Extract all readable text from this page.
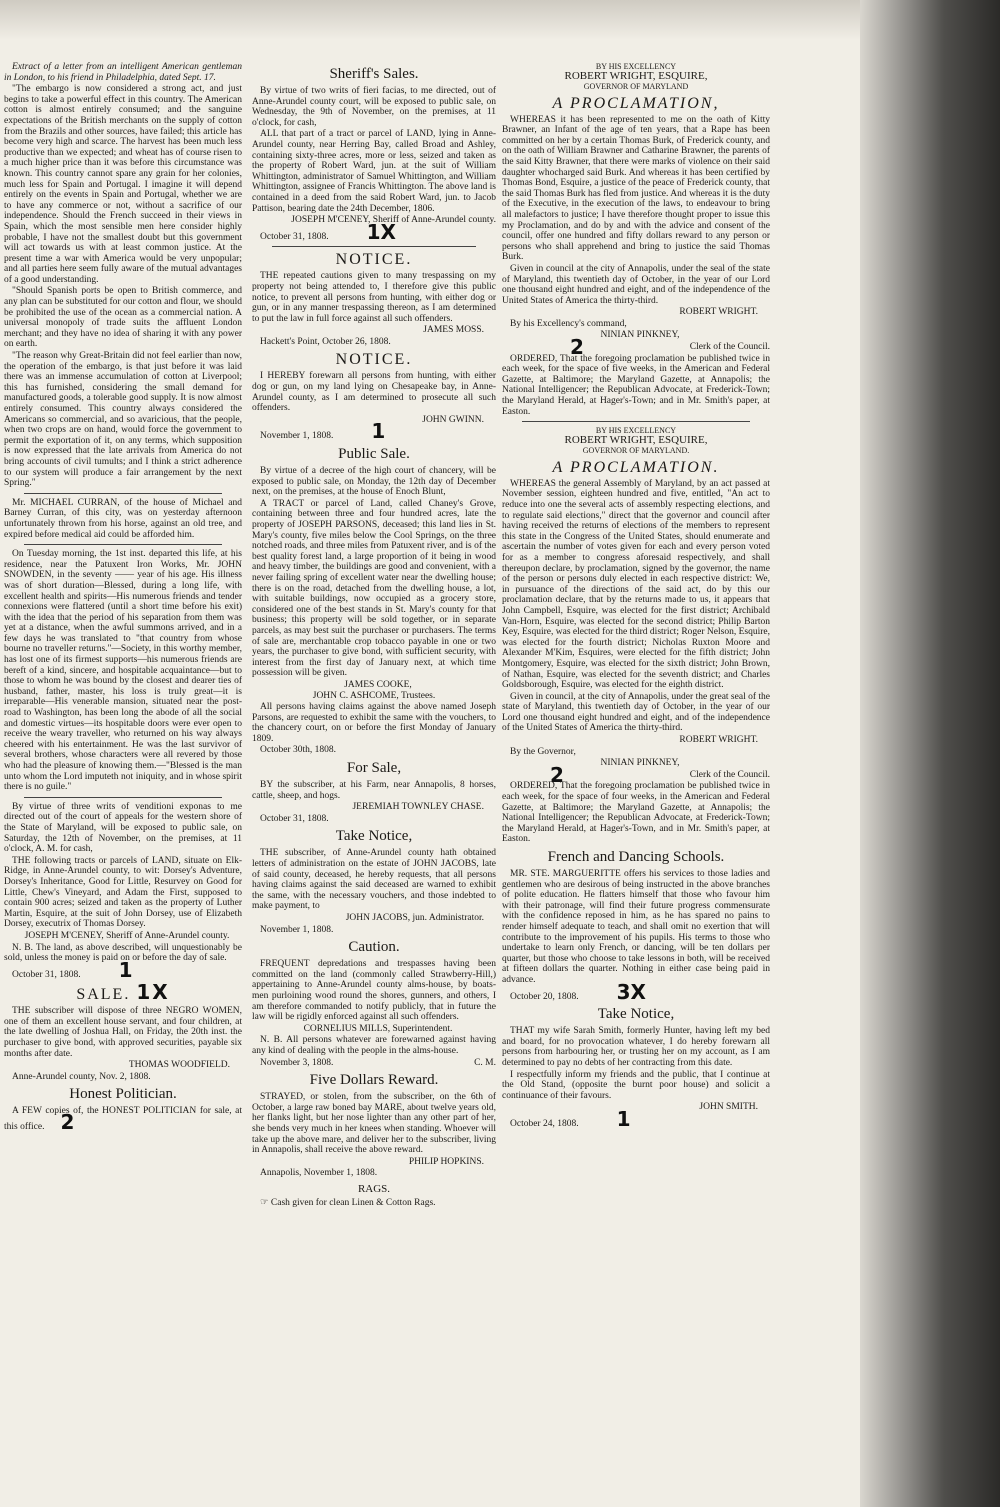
Extract of a letter from an intelligent American gentleman in London, to his friend in Philadelphia, dated Sept. 17.

"The embargo is now considered a strong act, and just begins to take a powerful effect in this country. The American cotton is almost entirely consumed; and the sanguine expectations of the British merchants on the supply of cotton from the Brazils and other sources, have failed; this article has become very high and scarce. The harvest has been much less productive than we expected; and wheat has of course risen to a much higher price than it was before this circumstance was known. This country cannot spare any grain for her colonies, much less for Spain and Portugal. I imagine it will depend entirely on the events in Spain and Portugal, whether we are to have any commerce or not, without a sacrifice of our independence. Should the French succeed in their views in Spain, which the most sensible men here consider highly probable, I have not the smallest doubt but this government will act towards us with at least common justice. At the present time a war with America would be very unpopular; and all parties here seem fully aware of the mutual advantages of a good understanding.

"Should Spanish ports be open to British commerce, and any plan can be substituted for our cotton and flour, we should be prohibited the use of the ocean as a commercial nation. A universal monopoly of trade suits the affluent London merchant; and they have no idea of sharing it with any power on earth.

"The reason why Great-Britain did not feel earlier than now, the operation of the embargo, is that just before it was laid there was an immense accumulation of cotton at Liverpool; this has furnished, considering the small demand for manufactured goods, a tolerable good supply. It is now almost entirely consumed. This country always considered the Americans so commercial, and so avaricious, that the people, when two crops are on hand, would force the government to permit the exportation of it, on any terms, which supposition is now expressed that the late arrivals from America do not bring accounts of civil tumults; and I think a strict adherence to our system will produce a fair arrangement by the next Spring."

Mr. MICHAEL CURRAN, of the house of Michael and Barney Curran, of this city, was on yesterday afternoon unfortunately thrown from his horse, against an old tree, and expired before medical aid could be afforded him.

On Tuesday morning, the 1st inst. departed this life, at his residence, near the Patuxent Iron Works, Mr. JOHN SNOWDEN, in the seventy —— year of his age. His illness was of short duration—Blessed, during a long life, with excellent health and spirits—His numerous friends and tender connexions were flattered (until a short time before his exit) with the idea that the period of his separation from them was yet at a distance, when the awful summons arrived, and in a few days he was translated to "that country from whose bourne no traveller returns."—Society, in this worthy member, has lost one of its firmest supports—his numerous friends are bereft of a kind, sincere, and hospitable acquaintance—but to those to whom he was bound by the closest and dearer ties of husband, father, master, his loss is truly great—it is irreparable—His venerable mansion, situated near the post-road to Washington, has been long the abode of all the social and domestic virtues—its hospitable doors were ever open to receive the weary traveller, who returned on his way always cheered with his entertainment. He was the last survivor of several brothers, whose characters were all revered by those who had the pleasure of knowing them.—"Blessed is the man unto whom the Lord imputeth not iniquity, and in whose spirit there is no guile."

By virtue of three writs of venditioni exponas to me directed out of the court of appeals for the western shore of the State of Maryland, will be exposed to public sale, on Saturday, the 12th of November, on the premises, at 11 o'clock, A. M. for cash,

THE following tracts or parcels of LAND, situate on Elk-Ridge, in Anne-Arundel county, to wit: Dorsey's Adventure, Dorsey's Inheritance, Good for Little, Resurvey on Good for Little, Chew's Vineyard, and Adam the First, supposed to contain 900 acres; seized and taken as the property of Luther Martin, Esquire, at the suit of John Dorsey, use of Elizabeth Dorsey, executrix of Thomas Dorsey.

JOSEPH M'CENEY, Sheriff of Anne-Arundel county.

N. B. The land, as above described, will unquestionably be sold, unless the money is paid on or before the day of sale.

October 31, 1808. 1

SALE. 1X

THE subscriber will dispose of three NEGRO WOMEN, one of them an excellent house servant, and four children, at the late dwelling of Joshua Hall, on Friday, the 20th inst. the purchaser to give bond, with approved securities, payable six months after date.

THOMAS WOODFIELD.

Anne-Arundel county, Nov. 2, 1808.

Honest Politician.

A FEW copies of, the HONEST POLITICIAN for sale, at this office. 2

Sheriff's Sales.

By virtue of two writs of fieri facias, to me directed, out of Anne-Arundel county court, will be exposed to public sale, on Wednesday, the 9th of November, on the premises, at 11 o'clock, for cash,

ALL that part of a tract or parcel of LAND, lying in Anne-Arundel county, near Herring Bay, called Broad and Ashley, containing sixty-three acres, more or less, seized and taken as the property of Robert Ward, jun. at the suit of William Whittington, administrator of Samuel Whittington, and William Whittington, assignee of Francis Whittington. The above land is contained in a deed from the said Robert Ward, jun. to Jacob Pattison, bearing date the 24th December, 1806.

JOSEPH M'CENEY, Sheriff of Anne-Arundel county.

October 31, 1808. 1X

NOTICE.

THE repeated cautions given to many trespassing on my property not being attended to, I therefore give this public notice, to prevent all persons from hunting, with either dog or gun, or in any manner trespassing thereon, as I am determined to put the law in full force against all such offenders.

JAMES MOSS.

Hackett's Point, October 26, 1808.

NOTICE.

I HEREBY forewarn all persons from hunting, with either dog or gun, on my land lying on Chesapeake bay, in Anne-Arundel county, as I am determined to prosecute all such offenders.

JOHN GWINN.

November 1, 1808. 1

Public Sale.

By virtue of a decree of the high court of chancery, will be exposed to public sale, on Monday, the 12th day of December next, on the premises, at the house of Enoch Blunt,

A TRACT or parcel of Land, called Chaney's Grove, containing between three and four hundred acres, late the property of JOSEPH PARSONS, deceased; this land lies in St. Mary's county, five miles below the Cool Springs, on the three notched roads, and three miles from Patuxent river, and is of the best quality forest land, a large proportion of it being in wood and heavy timber, the buildings are good and convenient, with a never failing spring of excellent water near the dwelling house; there is on the road, detached from the dwelling house, a lot, with suitable buildings, now occupied as a grocery store, considered one of the best stands in St. Mary's county for that business; this property will be sold together, or in separate parcels, as may best suit the purchaser or purchasers. The terms of sale are, merchantable crop tobacco payable in one or two years, the purchaser to give bond, with sufficient security, with interest from the first day of January next, at which time possession will be given.

JAMES COOKE,
JOHN C. ASHCOME, Trustees.

All persons having claims against the above named Joseph Parsons, are requested to exhibit the same with the vouchers, to the chancery court, on or before the first Monday of January 1809.

October 30th, 1808.

For Sale,

BY the subscriber, at his Farm, near Annapolis, 8 horses, cattle, sheep, and hogs.

JEREMIAH TOWNLEY CHASE.

October 31, 1808.

Take Notice,

THE subscriber, of Anne-Arundel county hath obtained letters of administration on the estate of JOHN JACOBS, late of said county, deceased, he hereby requests, that all persons having claims against the said deceased are warned to exhibit the same, with the necessary vouchers, and those indebted to make payment, to

JOHN JACOBS, jun. Administrator.

November 1, 1808.

Caution.

FREQUENT depredations and trespasses having been committed on the land (commonly called Strawberry-Hill,) appertaining to Anne-Arundel county alms-house, by boats-men purloining wood round the shores, gunners, and others, I am therefore commanded to notify publicly, that in future the law will be rigidly enforced against all such offenders.

CORNELIUS MILLS, Superintendent.

N. B. All persons whatever are forewarned against having any kind of dealing with the people in the alms-house.

November 3, 1808.	C. M.

Five Dollars Reward.

STRAYED, or stolen, from the subscriber, on the 6th of October, a large raw boned bay MARE, about twelve years old, her flanks light, but her nose lighter than any other part of her, she bends very much in her knees when standing. Whoever will take up the above mare, and deliver her to the subscriber, living in Annapolis, shall receive the above reward.

PHILIP HOPKINS.

Annapolis, November 1, 1808.

RAGS.

☞ Cash given for clean Linen & Cotton Rags.

BY HIS EXCELLENCY
ROBERT WRIGHT, ESQUIRE,
GOVERNOR OF MARYLAND
A PROCLAMATION,

WHEREAS it has been represented to me on the oath of Kitty Brawner, an Infant of the age of ten years, that a Rape has been committed on her by a certain Thomas Burk, of Frederick county, and on the oath of William Brawner and Catharine Brawner, the parents of the said Kitty Brawner, that there were marks of violence on their said daughter whocharged said Burk. And whereas it has been certified by Thomas Bond, Esquire, a justice of the peace of Frederick county, that the said Thomas Burk has fled from justice. And whereas it is the duty of the Executive, in the execution of the laws, to endeavour to bring all malefactors to justice; I have therefore thought proper to issue this my Proclamation, and do by and with the advice and consent of the council, offer one hundred and fifty dollars reward to any person or persons who shall apprehend and bring to justice the said Thomas Burk.

Given in council at the city of Annapolis, under the seal of the state of Maryland, this twentieth day of October, in the year of our Lord one thousand eight hundred and eight, and of the independence of the United States of America the thirty-third.

ROBERT WRIGHT.

By his Excellency's command,

NINIAN PINKNEY,

2	Clerk of the Council.

ORDERED, That the foregoing proclamation be published twice in each week, for the space of five weeks, in the American and Federal Gazette, at Baltimore; the Maryland Gazette, at Annapolis; the National Intelligencer; the Republican Advocate, at Frederick-Town; the Maryland Herald, at Hager's-Town; and in Mr. Smith's paper, at Easton.

BY HIS EXCELLENCY
ROBERT WRIGHT, ESQUIRE,
GOVERNOR OF MARYLAND.
A PROCLAMATION.

WHEREAS the general Assembly of Maryland, by an act passed at November session, eighteen hundred and five, entitled, "An act to reduce into one the several acts of assembly respecting elections, and to regulate said elections," direct that the governor and council after having received the returns of elections of the members to represent this state in the Congress of the United States, should enumerate and ascertain the number of votes given for each and every person voted for as a member to congress aforesaid respectively, and shall thereupon declare, by proclamation, signed by the governor, the name of the person or persons duly elected in each respective district: We, in pursuance of the directions of the said act, do by this our proclamation declare, that by the returns made to us, it appears that John Campbell, Esquire, was elected for the first district; Archibald Van-Horn, Esquire, was elected for the second district; Philip Barton Key, Esquire, was elected for the third district; Roger Nelson, Esquire, was elected for the fourth district; Nicholas Ruxton Moore and Alexander M'Kim, Esquires, were elected for the fifth district; John Montgomery, Esquire, was elected for the sixth district; John Brown, of Nathan, Esquire, was elected for the seventh district; and Charles Goldsborough, Esquire, was elected for the eighth district.

Given in council, at the city of Annapolis, under the great seal of the state of Maryland, this twentieth day of October, in the year of our Lord one thousand eight hundred and eight, and of the independence of the United States of America the thirty-third.

ROBERT WRIGHT.

By the Governor,

NINIAN PINKNEY,

2	Clerk of the Council.

ORDERED, That the foregoing proclamation be published twice in each week, for the space of four weeks, in the American and Federal Gazette, at Baltimore; the Maryland Gazette, at Annapolis; the National Intelligencer; the Republican Advocate, at Frederick-Town; the Maryland Herald, at Hager's-Town, and in Mr. Smith's paper, at Easton.

French and Dancing Schools.

MR. STE. MARGUERITTE offers his services to those ladies and gentlemen who are desirous of being instructed in the above branches of polite education. He flatters himself that those who favour him with their patronage, will find their future progress commensurate with the confidence reposed in him, as he has spared no pains to render himself adequate to teach, and shall omit no exertion that will contribute to the improvement of his pupils. His terms to those who undertake to learn only French, or dancing, will be ten dollars per quarter, but those who choose to take lessons in both, will be received at fifteen dollars the quarter. Nothing in either case being paid in advance.

October 20, 1808. 3X

Take Notice,

THAT my wife Sarah Smith, formerly Hunter, having left my bed and board, for no provocation whatever, I do hereby forewarn all persons from harbouring her, or trusting her on my account, as I am determined to pay no debts of her contracting from this date.

I respectfully inform my friends and the public, that I continue at the Old Stand, (opposite the burnt poor house) and solicit a continuance of their favours.

JOHN SMITH.

October 24, 1808. 1
